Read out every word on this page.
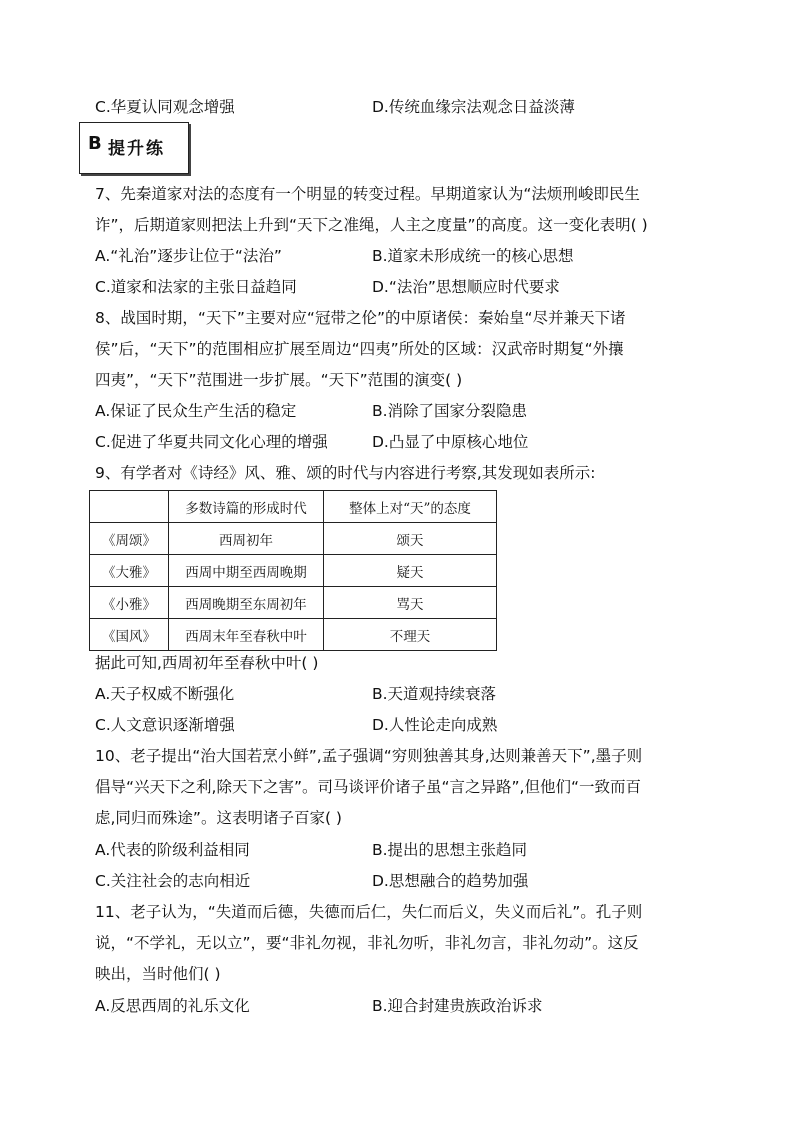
C.华夏认同观念增强	D.传统血缘宗法观念日益淡薄
B 提升练
7、先秦道家对法的态度有一个明显的转变过程。早期道家认为“法烦刑峻即民生
诈”，后期道家则把法上升到“天下之准绳，人主之度量”的高度。这一变化表明( )
A.“礼治”逐步让位于“法治”	B.道家未形成统一的核心思想
C.道家和法家的主张日益趋同	D.“法治”思想顺应时代要求
8、战国时期，“天下”主要对应“冠带之伦”的中原诸侯：秦始皇“尽并兼天下诸
侯”后，“天下”的范围相应扩展至周边“四夷”所处的区域：汉武帝时期复“外攘
四夷”，“天下”范围进一步扩展。“天下”范围的演变( )
A.保证了民众生产生活的稳定	B.消除了国家分裂隐患
C.促进了华夏共同文化心理的增强	D.凸显了中原核心地位
9、有学者对《诗经》风、雅、颂的时代与内容进行考察,其发现如表所示:
	多数诗篇的形成时代	整体上对“天”的态度
《周颂》	西周初年	颂天
《大雅》	西周中期至西周晚期	疑天
《小雅》	西周晚期至东周初年	骂天
《国风》	西周末年至春秋中叶	不理天
据此可知,西周初年至春秋中叶( )
A.天子权威不断强化	B.天道观持续衰落
C.人文意识逐渐增强	D.人性论走向成熟
10、老子提出“治大国若烹小鲜”,孟子强调“穷则独善其身,达则兼善天下”,墨子则
倡导“兴天下之利,除天下之害”。司马谈评价诸子虽“言之异路”,但他们“一致而百
虑,同归而殊途”。这表明诸子百家( )
A.代表的阶级利益相同	B.提出的思想主张趋同
C.关注社会的志向相近	D.思想融合的趋势加强
11、老子认为，“失道而后德，失德而后仁，失仁而后义，失义而后礼”。孔子则
说，“不学礼，无以立”，要“非礼勿视，非礼勿听，非礼勿言，非礼勿动”。这反
映出，当时他们( )
A.反思西周的礼乐文化	B.迎合封建贵族政治诉求
